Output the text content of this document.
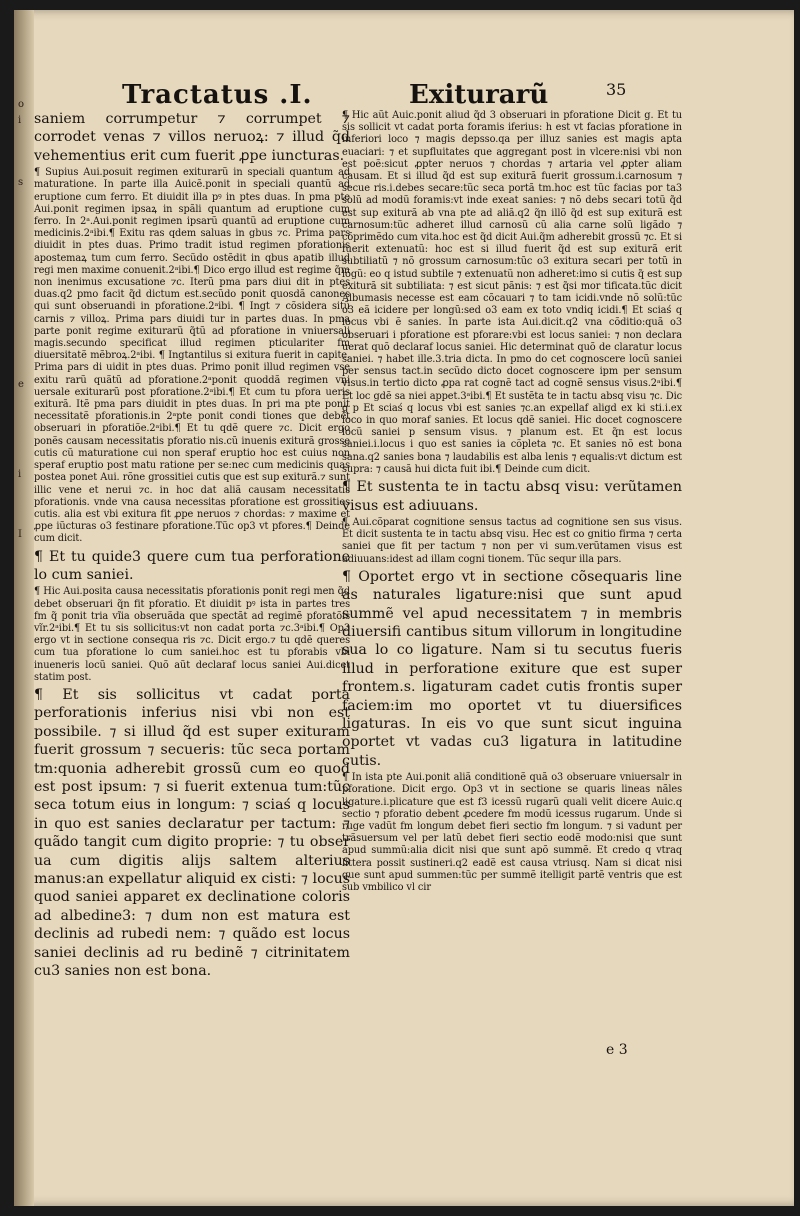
o
i
s
e
i
I
Tractatus .I.	Exiturarũ	35

saniem corrumpetur ⁊ corrumpet ⁊ corrodet venas ⁊ villos neruoꝝ: ⁊ illud q̃d vehementius erit cum fuerit ꝓpe iuncturas.

¶ Supius Aui.posuit regimen exiturarũ in speciali quantum ad maturatione. In parte illa Auicẽ.ponit in speciali quantũ ad eruptione cum ferro. Et diuidit illa pꝰ in ptes duas. In pma pte Aui.ponit regimen ipsaꝝ in spãli quantum ad eruptione cum ferro. In 2ᵃ.Aui.ponit regimen ipsarũ quantũ ad eruptione cum medicinis.2ᵃibi.¶ Exitu ras qdem saluas in gbus ⁊c. Prima pars diuidit in ptes duas. Primo tradit istud regimen pforationis apostemaꝝ tum cum ferro. Secũdo ostẽdit in qbus apatib illud regi men maxime conuenit.2ᵃibi.¶ Dico ergo illud est regime q̃m non inenimus excusatione ⁊c. Iterũ pma pars diui dit in ptes duas.q2 pmo facit q̃d dictum est.secũdo ponit quosdã canones qui sunt obseruandi in pforatione.2ᵃibi. ¶ Ingt ⁊ cõsidera sitũ carnis ⁊ villoꝝ. Prima pars diuidi tur in partes duas. In pma parte ponit regime exiturarũ q̃tũ ad pforatione in vniuersali magis.secundo specificat illud regimen pticulariter fm diuersitatẽ mẽbroꝝ.2ᵃibi. ¶ Ingtantilus si exitura fuerit in capite. Prima pars di uidit in ptes duas. Primo ponit illud regimen vse exitu rarũ quãtũ ad pforatione.2ᵃponit quoddã regimen vni uersale exiturarũ post pforatione.2ᵃibi.¶ Et cum tu pfora ueris exiturã. Itẽ pma pars diuidit in ptes duas. In pri ma pte ponit necessitatẽ pforationis.in 2ᵃpte ponit condi tiones que debẽt obseruari in pforatiõe.2ᵃibi.¶ Et tu qdẽ quere ⁊c. Dicit ergo ponẽs causam necessitatis pforatio nis.cũ inuenis exiturã grosse cutis cũ maturatione cui non speraf eruptio hoc est cuius non speraf eruptio post matu ratione per se:nec cum medicinis quas postea ponet Aui. rõne grossitiei cutis que est sup exiturã.⁊ sunt illic vene et nerui ⁊c. in hoc dat aliã causam necessitatis pforationis. vnde vna causa necessitas pforatione est grossities cutis. alia est vbi exitura fit ꝓpe neruos ⁊ chordas: ⁊ maxime et ꝓpe iũcturas o3 festinare pforatione.Tũc op3 vt pfores.¶ Deinde cum dicit.

¶ Et tu quide3 quere cum tua perforatione lo cum saniei.

¶ Hic Aui.posita causa necessitatis pforationis ponit regi men q̃d debet obseruari q̃n fit pforatio. Et diuidit pꝰ ista in partes tres fm q̃ ponit tria vĩia obseruãda que spectãt ad regimẽ pforatõis vĩr.2ᵃibi.¶ Et tu sis sollicitus:vt non cadat porta ⁊c.3ᵃibi.¶ Op3 ergo vt in sectione consequa ris ⁊c. Dicit ergo.⁊ tu qdẽ queres cum tua pforatione lo cum saniei.hoc est tu pforabis vbi inueneris locũ saniei. Quõ aũt declaraf locus saniei Aui.dicet statim post.

¶ Et sis sollicitus vt cadat porta perforationis inferius nisi vbi non est possibile. ⁊ si illud q̃d est super exituram fuerit grossum ⁊ secueris: tũc seca portam tm:quonia adherebit grossũ cum eo quod est post ipsum: ⁊ si fuerit extenua tum:tũc seca totum eius in longum: ⁊ sciaś q locus in quo est sanies declaratur per tactum: ⁊ quãdo tangit cum digito proprie: ⁊ tu obser ua cum digitis alijs saltem alterius manus:an expellatur aliquid ex cisti: ⁊ locus quod saniei apparet ex declinatione coloris ad albedine3: ⁊ dum non est matura est declinis ad rubedi nem: ⁊ quãdo est locus saniei declinis ad ru bedinẽ ⁊ citrinitatem cu3 sanies non est bona.

¶ Hic aũt Auic.ponit aliud q̃d 3 obseruari in pforatione Dicit g. Et tu sis sollicit vt cadat porta foramis iferius: h est vt facias pforatione in inferiori loco ⁊ magis depsso.qa per illuz sanies est magis apta euaciari: ⁊ et supfluitates que aggregant post in vlcere:nisi vbi non est poẽ:sicut ꝓpter neruos ⁊ chordas ⁊ artaria vel ꝓpter aliam causam. Et si illud q̃d est sup exiturã fuerit grossum.i.carnosum ⁊ secue ris.i.debes secare:tũc seca portã tm.hoc est tũc facias por ta3 solũ ad modũ foramis:vt inde exeat sanies: ⁊ nõ debs secari totũ q̃d est sup exiturã ab vna pte ad aliã.q2 q̃n illõ q̃d est sup exiturã est carnosum:tũc adheret illud carnosũ cũ alia carne solũ ligãdo ⁊ cõprimẽdo cum vita.hoc est q̃d dicit Aui.q̃m adherebit grossũ ⁊c. Et si fuerit extenuatũ: hoc est si illud fuerit q̃d est sup exiturã erit subtiliatũ ⁊ nõ grossum carnosum:tũc o3 exitura secari per totũ in lõgũ: eo q istud subtile ⁊ extenuatũ non adheret:imo si cutis q̃ est sup exiturã sit subtiliata: ⁊ est sicut pãnis: ⁊ est q̃si mor tificata.tũc dicit Albumasis necesse est eam cõcauari ⁊ to tam icidi.vnde nõ solũ:tũc o3 eã icidere per longũ:sed o3 eam ex toto vndiq icidi.¶ Et sciaś q locus vbi ẽ sanies. In parte ista Aui.dicit.q2 vna cõditio:quã o3 obseruari i pforatione est pforare:vbi est locus saniei: ⁊ non declara uerat quõ declaraf locus saniei. Hic determinat quõ de claratur locus saniei. ⁊ habet ille.3.tria dicta. In pmo do cet cognoscere locũ saniei per sensus tact.in secũdo dicto docet cognoscere ipm per sensum visus.in tertio dicto ꝓpa rat cognẽ tact ad cognẽ sensus visus.2ᵃibi.¶ Et loc gdẽ sa niei appet.3ᵃibi.¶ Et sustẽta te in tactu absq visu ⁊c. Dic g p Et sciaś q locus vbi est sanies ⁊c.an expellaf aligd ex ki sti.i.ex loco in quo moraf sanies. Et locus qdẽ saniei. Hic docet cognoscere locũ saniei p sensum visus. ⁊ planum est. Et q̃n est locus saniei.i.locus i quo est sanies ia cõpleta ⁊c. Et sanies nõ est bona sana.q2 sanies bona ⁊ laudabilis est alba lenis ⁊ equalis:vt dictum est supra: ⁊ causã hui dicta fuit ibi.¶ Deinde cum dicit.

¶ Et sustenta te in tactu absq visu: verũtamen visus est adiuuans.

¶ Aui.cõparat cognitione sensus tactus ad cognitione sen sus visus. Et dicit sustenta te in tactu absq visu. Hec est co gnitio firma ⁊ certa saniei que fit per tactum ⁊ non per vi sum.verũtamen visus est adiuuans:idest ad illam cogni tionem. Tũc sequr illa pars.

¶ Oportet ergo vt in sectione cõsequaris line as naturales ligature:nisi que sunt apud summẽ vel apud necessitatem ⁊ in membris diuersifi cantibus situm villorum in longitudine sua lo co ligature. Nam si tu secutus fueris illud in perforatione exiture que est super frontem.s. ligaturam cadet cutis frontis super faciem:im mo oportet vt tu diuersifices ligaturas. In eis vo que sunt sicut inguina oportet vt vadas cu3 ligatura in latitudine cutis.

¶ In ista pte Aui.ponit aliã conditionẽ quã o3 obseruare vniuersalr in pforatione. Dicit ergo. Op3 vt in sectione se quaris lineas nãles ligature.i.plicature que est f3 icessũ rugarũ quali velit dicere Auic.q sectio ⁊ pforatio debent ꝓcedere fm modũ icessus rugarum. Unde si ruge vadũt fm longum debet fieri sectio fm longum. ⁊ si vadunt per trãsuersum vel per latũ debet fieri sectio eodẽ modo:nisi que sunt apud summũ:alia dicit nisi que sunt apõ summẽ. Et credo q vtraq littera possit sustineri.q2 eadẽ est causa vtriusq. Nam si dicat nisi que sunt apud summen:tũc per summẽ itelligit partẽ ventris que est sub vmbilico vl cir

e 3
